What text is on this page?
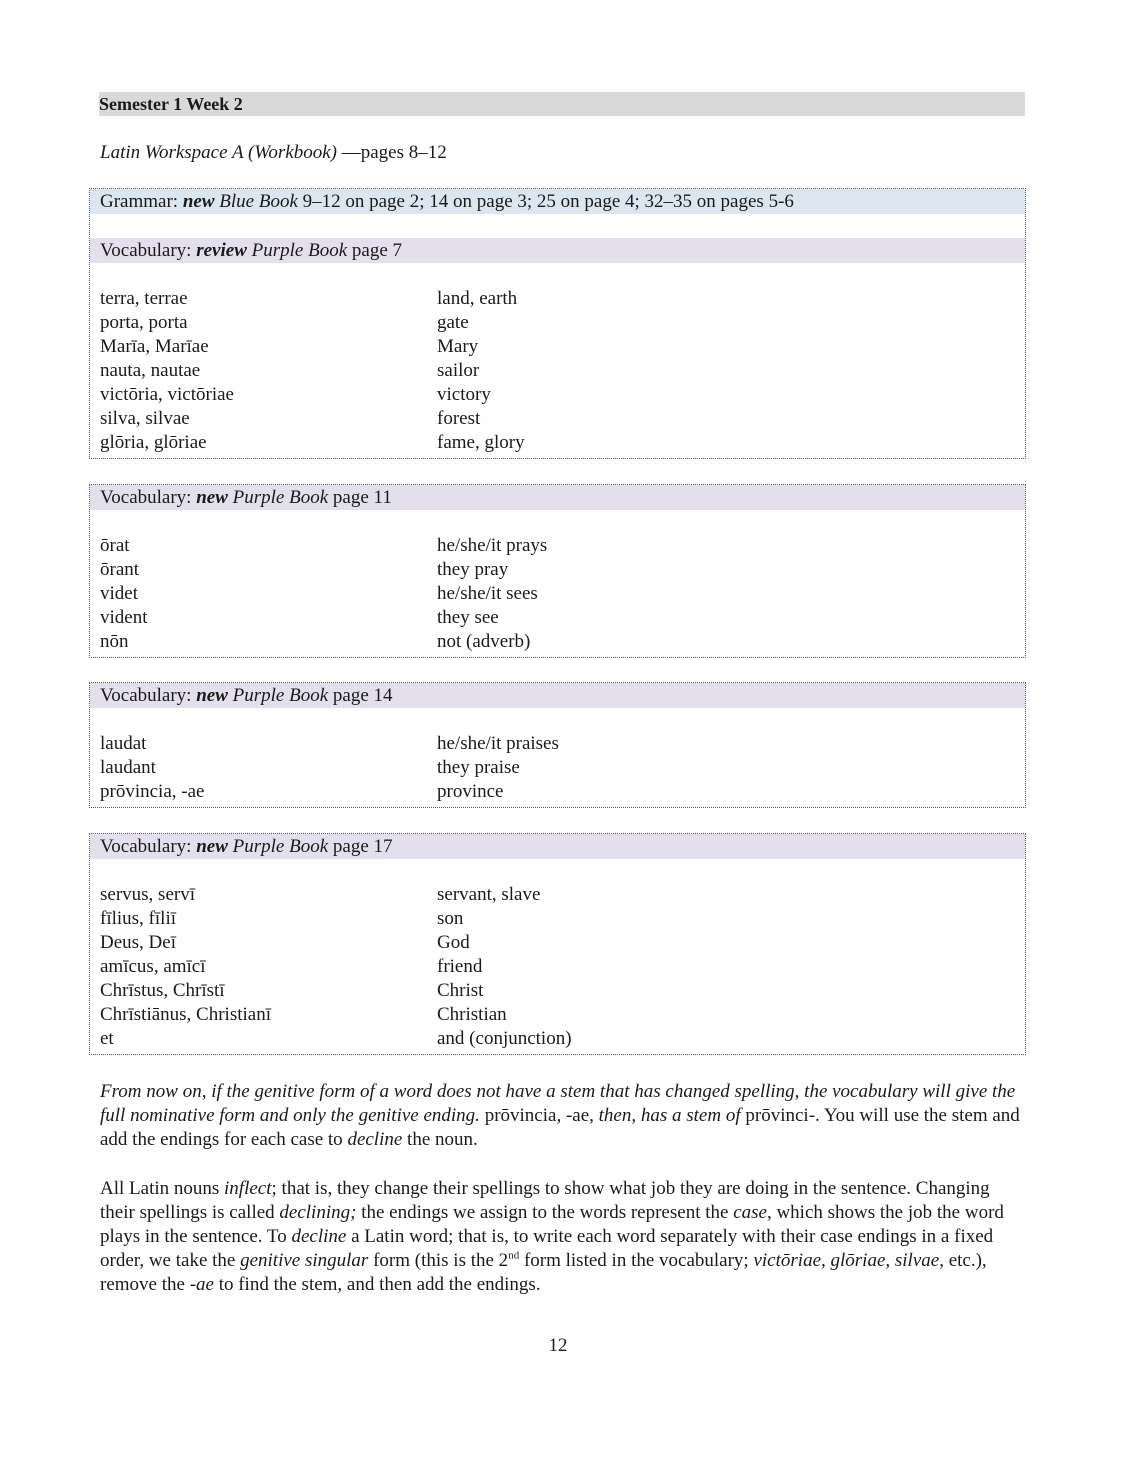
Semester 1 Week 2
Latin Workspace A (Workbook) —pages 8–12
Grammar: new Blue Book 9–12 on page 2; 14 on page 3; 25 on page 4; 32–35 on pages 5-6
Vocabulary: review Purple Book page 7
terra, terrae	land, earth
porta, porta	gate
Marīa, Marīae	Mary
nauta, nautae	sailor
victōria, victōriae	victory
silva, silvae	forest
glōria, glōriae	fame, glory
Vocabulary: new Purple Book page 11
ōrat	he/she/it prays
ōrant	they pray
videt	he/she/it sees
vident	they see
nōn	not (adverb)
Vocabulary: new Purple Book page 14
laudat	he/she/it praises
laudant	they praise
prōvincia, -ae	province
Vocabulary: new Purple Book page 17
servus, servī	servant, slave
fīlius, fīliī	son
Deus, Deī	God
amīcus, amīcī	friend
Chrīstus, Chrīstī	Christ
Chrīstiānus, Christianī	Christian
et	and (conjunction)
From now on, if the genitive form of a word does not have a stem that has changed spelling, the vocabulary will give the full nominative form and only the genitive ending. prōvincia, -ae, then, has a stem of prōvinci-. You will use the stem and add the endings for each case to decline the noun.
All Latin nouns inflect; that is, they change their spellings to show what job they are doing in the sentence. Changing their spellings is called declining; the endings we assign to the words represent the case, which shows the job the word plays in the sentence. To decline a Latin word; that is, to write each word separately with their case endings in a fixed order, we take the genitive singular form (this is the 2nd form listed in the vocabulary; victōriae, glōriae, silvae, etc.), remove the -ae to find the stem, and then add the endings.
12
